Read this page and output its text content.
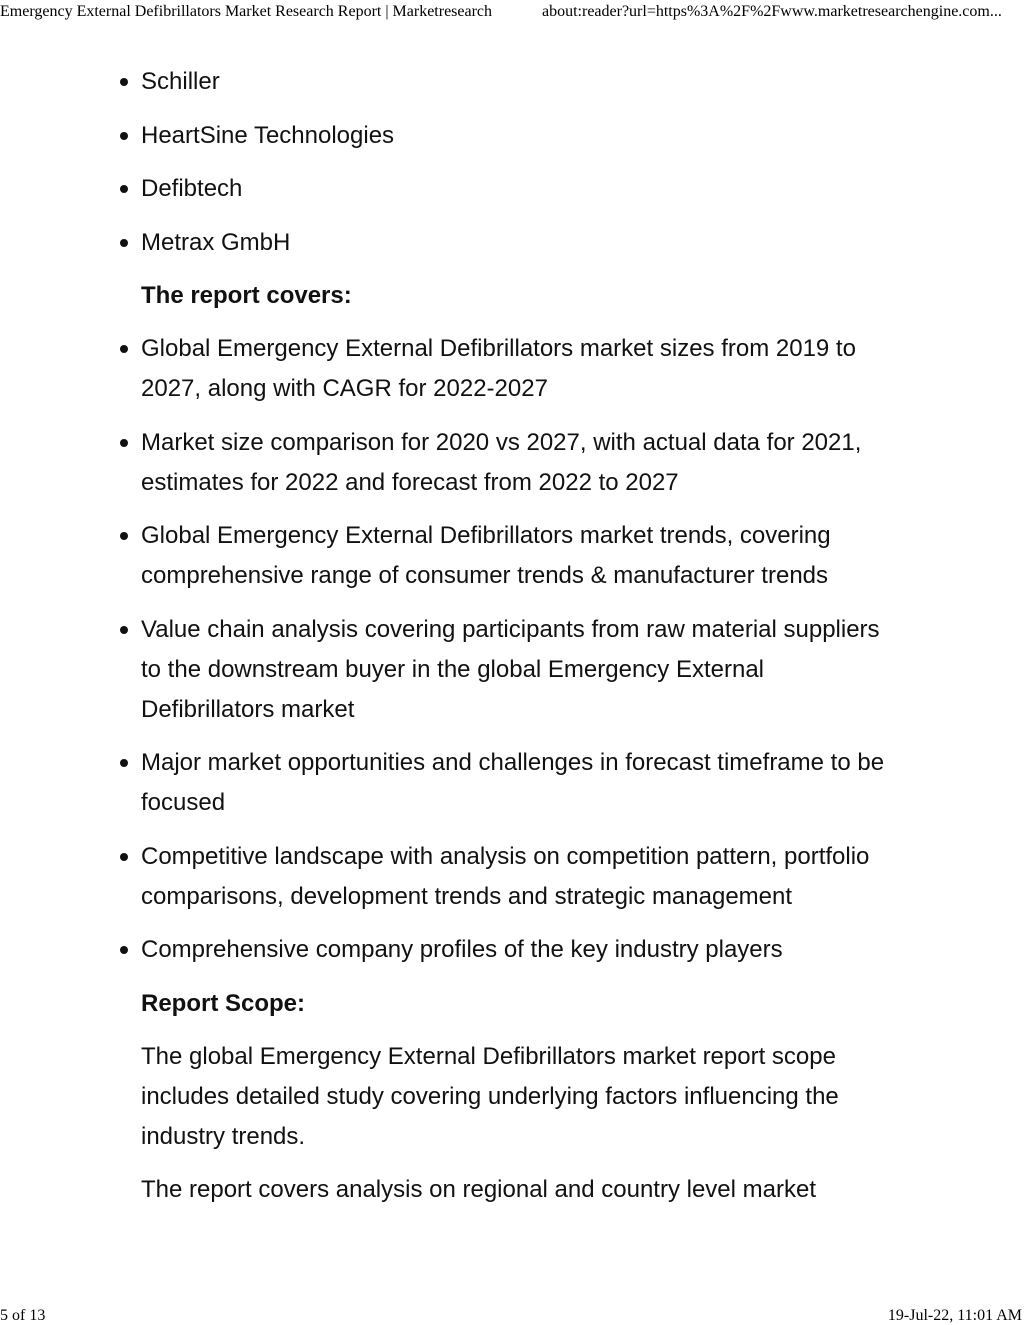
Emergency External Defibrillators Market Research Report | Marketresearch	about:reader?url=https%3A%2F%2Fwww.marketresearchengine.com...
Schiller
HeartSine Technologies
Defibtech
Metrax GmbH
The report covers:
Global Emergency External Defibrillators market sizes from 2019 to 2027, along with CAGR for 2022-2027
Market size comparison for 2020 vs 2027, with actual data for 2021, estimates for 2022 and forecast from 2022 to 2027
Global Emergency External Defibrillators market trends, covering comprehensive range of consumer trends & manufacturer trends
Value chain analysis covering participants from raw material suppliers to the downstream buyer in the global Emergency External Defibrillators market
Major market opportunities and challenges in forecast timeframe to be focused
Competitive landscape with analysis on competition pattern, portfolio comparisons, development trends and strategic management
Comprehensive company profiles of the key industry players
Report Scope:

The global Emergency External Defibrillators market report scope includes detailed study covering underlying factors influencing the industry trends.

The report covers analysis on regional and country level market

5 of 13	19-Jul-22, 11:01 AM
